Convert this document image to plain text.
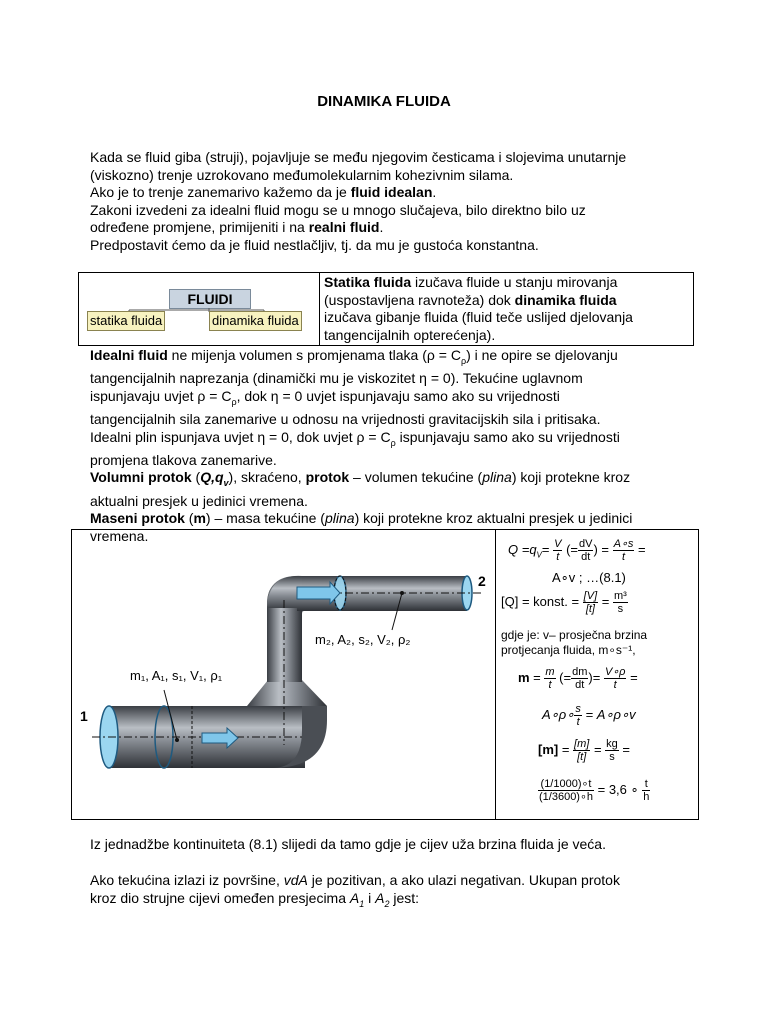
DINAMIKA FLUIDA
Kada se fluid giba (struji), pojavljuje se među njegovim česticama i slojevima unutarnje
(viskozno) trenje uzrokovano međumolekularnim kohezivnim silama.
Ako je to trenje zanemarivo kažemo da je fluid idealan.
Zakoni izvedeni za idealni fluid mogu se u mnogo slučajeva, bilo direktno bilo uz
određene promjene, primijeniti i na realni fluid.
Predpostavit ćemo da je fluid nestlačljiv, tj. da mu je gustoća konstantna.
FLUIDI
statika fluida	dinamika fluida
Statika fluida izučava fluide u stanju mirovanja
(uspostavljena ravnoteža) dok dinamika fluida
izučava gibanje fluida (fluid teče uslijed djelovanja
tangencijalnih opterećenja).
Idealni fluid ne mijenja volumen s promjenama tlaka $(\rho = C_\rho)$ i ne opire se djelovanju
tangencijalnih naprezanja (dinamički mu je viskozitet η = 0). Tekućine uglavnom
ispunjavaju uvjet $\rho = C_\rho$, dok η = 0 uvjet ispunjavaju samo ako su vrijednosti
tangencijalnih sila zanemarive u odnosu na vrijednosti gravitacijskih sila i pritisaka.
Idealni plin ispunjava uvjet η = 0, dok uvjet $\rho = C_\rho$ ispunjavaju samo ako su vrijednosti
promjena tlakova zanemarive.
Volumni protok $(Q,q_v)$, skraćeno, protok – volumen tekućine (plina) koji protekne kroz
aktualni presjek u jedinici vremena.
Maseni protok (m) – masa tekućine (plina) koji protekne kroz aktualni presjek u jedinici
vremena.
1
2
m₁, A₁, s₁, V₁, ρ₁
m₂, A₂, s₂, V₂, ρ₂
$Q =q_V= \frac{V}{t}$ (= $\frac{dV}{dt}$ ) = $\frac{A\circ s}{t}$ =
A∘v ; …(8.1)
[Q] = konst. = $\frac{[V]}{[t]} = \frac{\text{m³}}{s}$
gdje je: v– prosječna brzina
protjecanja fluida, m∘s⁻¹,
$m = \frac{m}{t}$ (= $\frac{dm}{dt}$ )= $\frac{V\circ\rho}{t}$ =
A∘ρ∘ $\frac{s}{t}$ = A∘ρ∘v
$[m] = \frac{[m]}{[t]} = \frac{kg}{s}$ =
$\frac{(1/1000)\circ t}{(1/3600)\circ h} = 3,6$ ∘ $\frac{t}{h}$
Iz jednadžbe kontinuiteta (8.1) slijedi da tamo gdje je cijev uža brzina fluida je veća.
Ako tekućina izlazi iz površine, vdA je pozitivan, a ako ulazi negativan. Ukupan protok
kroz dio strujne cijevi omeđen presjecima $A_1$ i $A_2$ jest:
